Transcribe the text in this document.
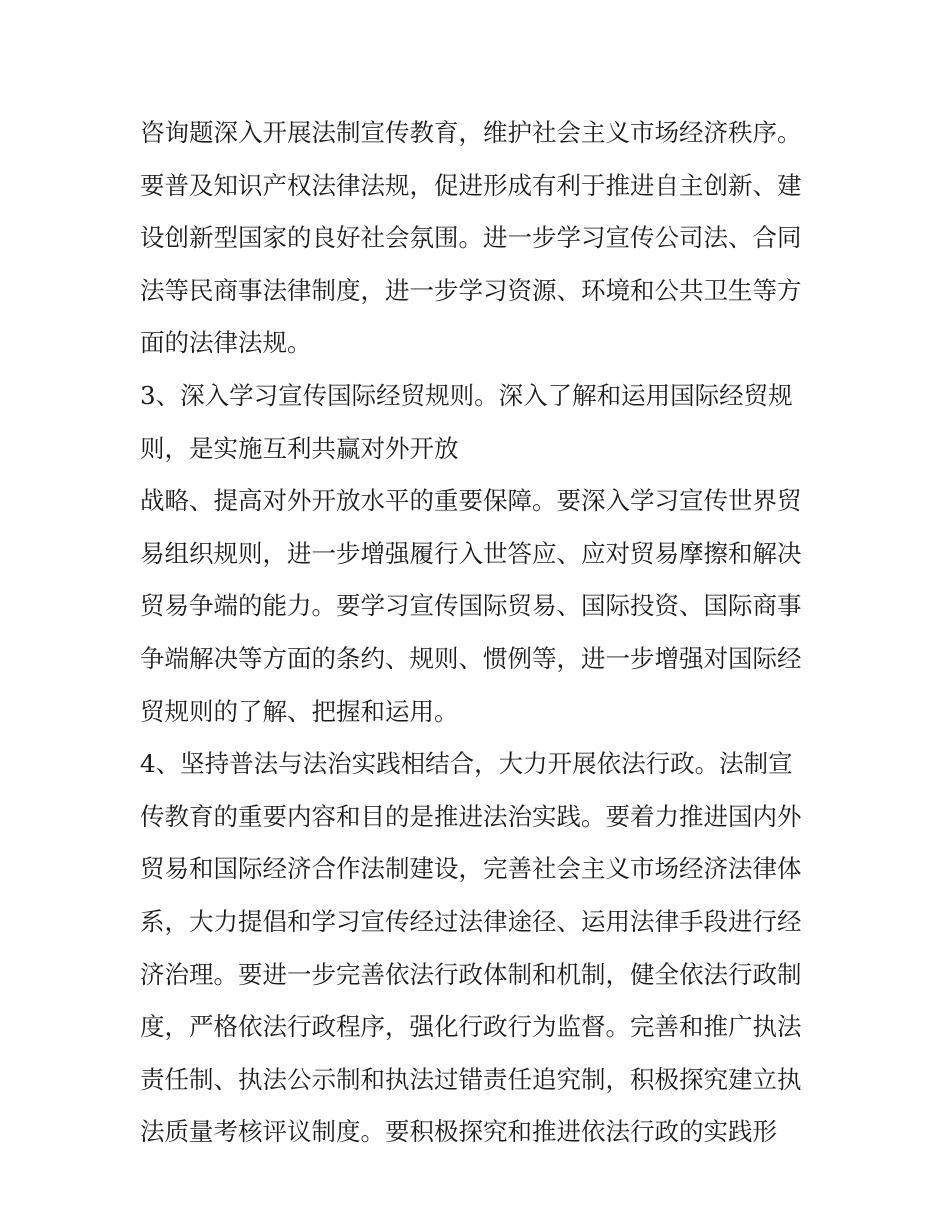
咨询题深入开展法制宣传教育，维护社会主义市场经济秩序。
要普及知识产权法律法规，促进形成有利于推进自主创新、建
设创新型国家的良好社会氛围。进一步学习宣传公司法、合同
法等民商事法律制度，进一步学习资源、环境和公共卫生等方
面的法律法规。
3、深入学习宣传国际经贸规则。深入了解和运用国际经贸规
则，是实施互利共赢对外开放
战略、提高对外开放水平的重要保障。要深入学习宣传世界贸
易组织规则，进一步增强履行入世答应、应对贸易摩擦和解决
贸易争端的能力。要学习宣传国际贸易、国际投资、国际商事
争端解决等方面的条约、规则、惯例等，进一步增强对国际经
贸规则的了解、把握和运用。
4、坚持普法与法治实践相结合，大力开展依法行政。法制宣
传教育的重要内容和目的是推进法治实践。要着力推进国内外
贸易和国际经济合作法制建设，完善社会主义市场经济法律体
系，大力提倡和学习宣传经过法律途径、运用法律手段进行经
济治理。要进一步完善依法行政体制和机制，健全依法行政制
度，严格依法行政程序，强化行政行为监督。完善和推广执法
责任制、执法公示制和执法过错责任追究制，积极探究建立执
法质量考核评议制度。要积极探究和推进依法行政的实践形
